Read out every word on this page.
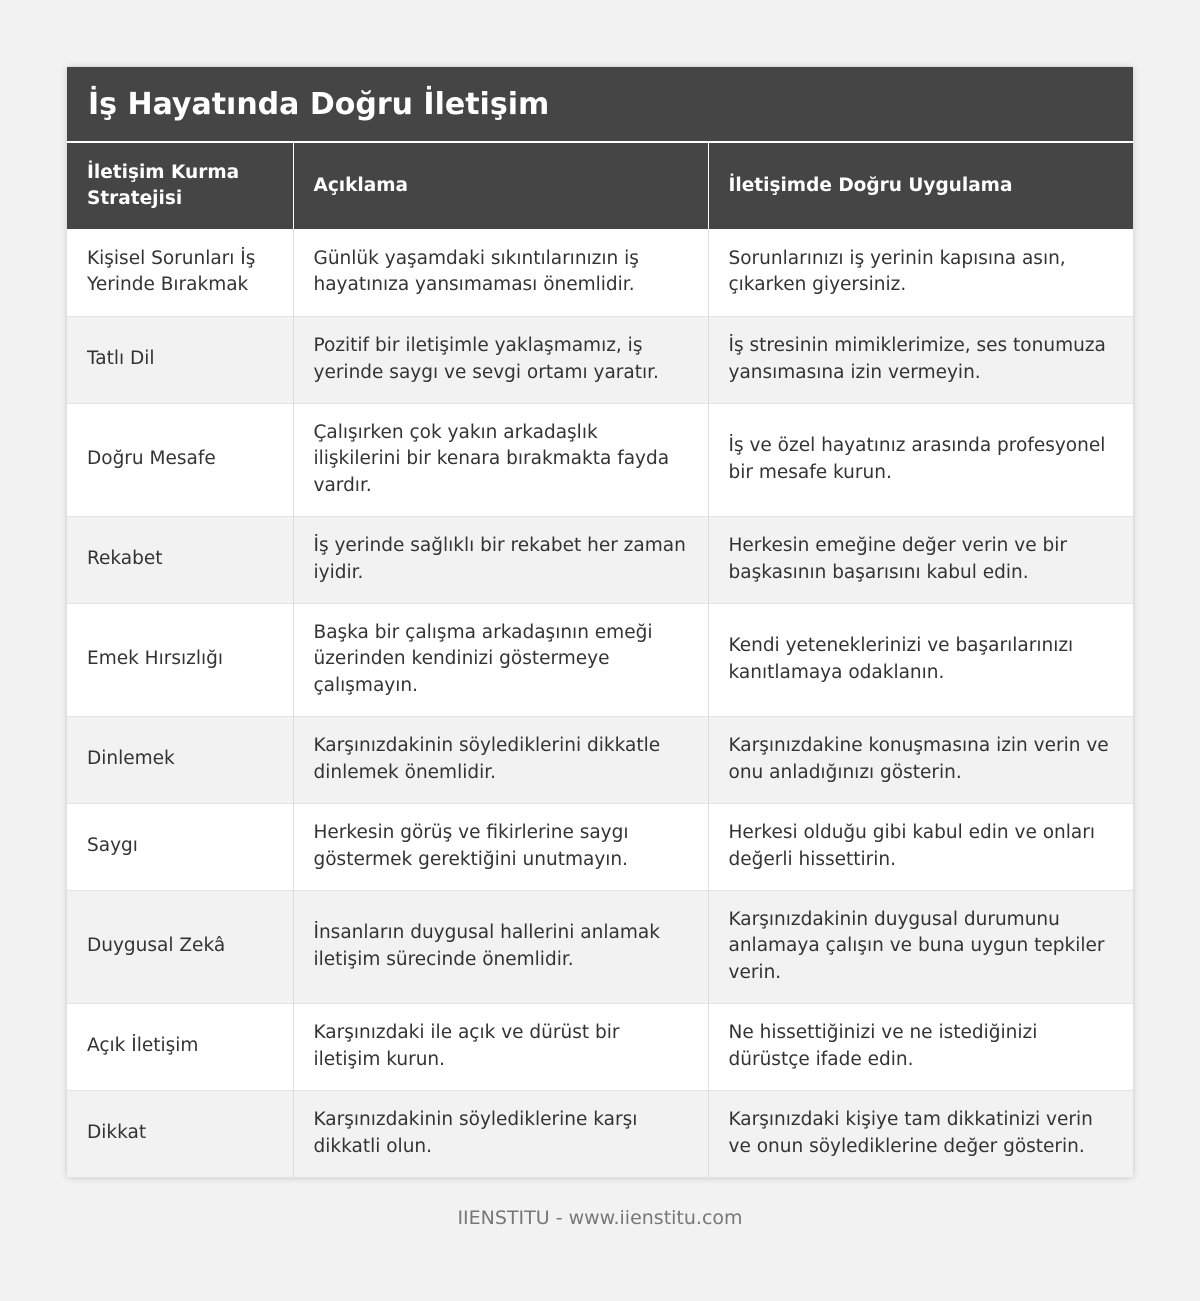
İş Hayatında Doğru İletişim
İletişim Kurma Stratejisi	Açıklama	İletişimde Doğru Uygulama
Kişisel Sorunları İş Yerinde Bırakmak	Günlük yaşamdaki sıkıntılarınızın iş hayatınıza yansımaması önemlidir.	Sorunlarınızı iş yerinin kapısına asın, çıkarken giyersiniz.
Tatlı Dil	Pozitif bir iletişimle yaklaşmamız, iş yerinde saygı ve sevgi ortamı yaratır.	İş stresinin mimiklerimize, ses tonumuza yansımasına izin vermeyin.
Doğru Mesafe	Çalışırken çok yakın arkadaşlık ilişkilerini bir kenara bırakmakta fayda vardır.	İş ve özel hayatınız arasında profesyonel bir mesafe kurun.
Rekabet	İş yerinde sağlıklı bir rekabet her zaman iyidir.	Herkesin emeğine değer verin ve bir başkasının başarısını kabul edin.
Emek Hırsızlığı	Başka bir çalışma arkadaşının emeği üzerinden kendinizi göstermeye çalışmayın.	Kendi yeteneklerinizi ve başarılarınızı kanıtlamaya odaklanın.
Dinlemek	Karşınızdakinin söylediklerini dikkatle dinlemek önemlidir.	Karşınızdakine konuşmasına izin verin ve onu anladığınızı gösterin.
Saygı	Herkesin görüş ve fikirlerine saygı göstermek gerektiğini unutmayın.	Herkesi olduğu gibi kabul edin ve onları değerli hissettirin.
Duygusal Zekâ	İnsanların duygusal hallerini anlamak iletişim sürecinde önemlidir.	Karşınızdakinin duygusal durumunu anlamaya çalışın ve buna uygun tepkiler verin.
Açık İletişim	Karşınızdaki ile açık ve dürüst bir iletişim kurun.	Ne hissettiğinizi ve ne istediğinizi dürüstçe ifade edin.
Dikkat	Karşınızdakinin söylediklerine karşı dikkatli olun.	Karşınızdaki kişiye tam dikkatinizi verin ve onun söylediklerine değer gösterin.
IIENSTITU - www.iienstitu.com
